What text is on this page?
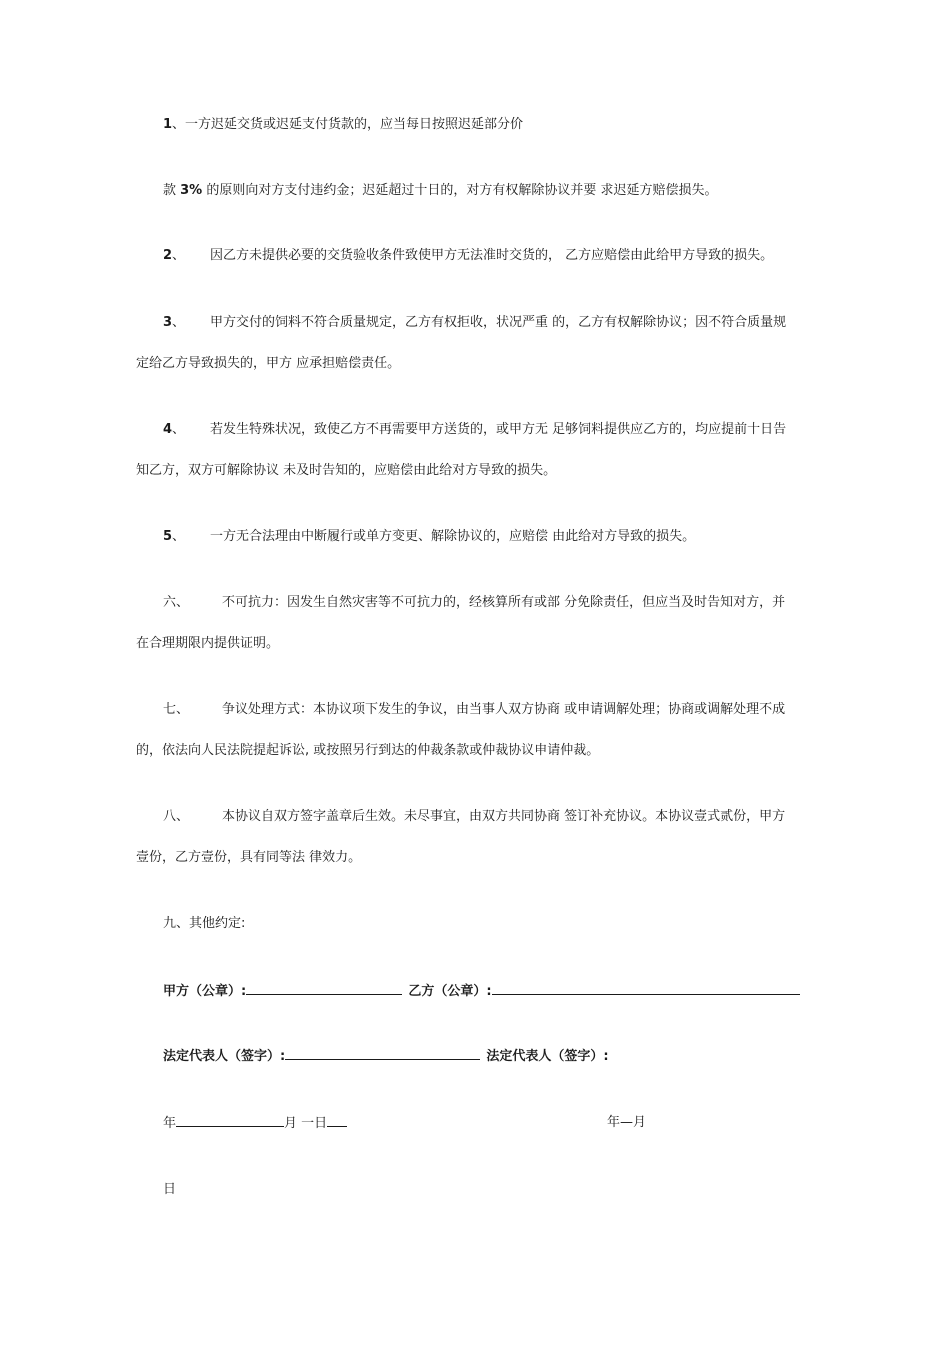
1、一方迟延交货或迟延支付货款的，应当每日按照迟延部分价
款 3% 的原则向对方支付违约金；迟延超过十日的，对方有权解除协议并要 求迟延方赔偿损失。
2、 因乙方未提供必要的交货验收条件致使甲方无法准时交货的， 乙方应赔偿由此给甲方导致的损失。
3、 甲方交付的饲料不符合质量规定，乙方有权拒收，状况严重 的，乙方有权解除协议；因不符合质量规
定给乙方导致损失的，甲方 应承担赔偿责任。
4、 若发生特殊状况，致使乙方不再需要甲方送货的，或甲方无 足够饲料提供应乙方的，均应提前十日告
知乙方，双方可解除协议 未及时告知的，应赔偿由此给对方导致的损失。
5、 一方无合法理由中断履行或单方变更、解除协议的，应赔偿 由此给对方导致的损失。
六、	不可抗力：因发生自然灾害等不可抗力的，经核算所有或部 分免除责任，但应当及时告知对方，并
在合理期限内提供证明。
七、	争议处理方式：本协议项下发生的争议，由当事人双方协商 或申请调解处理；协商或调解处理不成
的，依法向人民法院提起诉讼, 或按照另行到达的仲裁条款或仲裁协议申请仲裁。
八、	本协议自双方签字盖章后生效。未尽事宜，由双方共同协商 签订补充协议。本协议壹式贰份，甲方
壹份，乙方壹份，具有同等法 律效力。
九、其他约定:
甲方（公章）:	乙方（公章）:
法定代表人（签字）:	法定代表人（签字）:
年	月 一日	年—月
日
